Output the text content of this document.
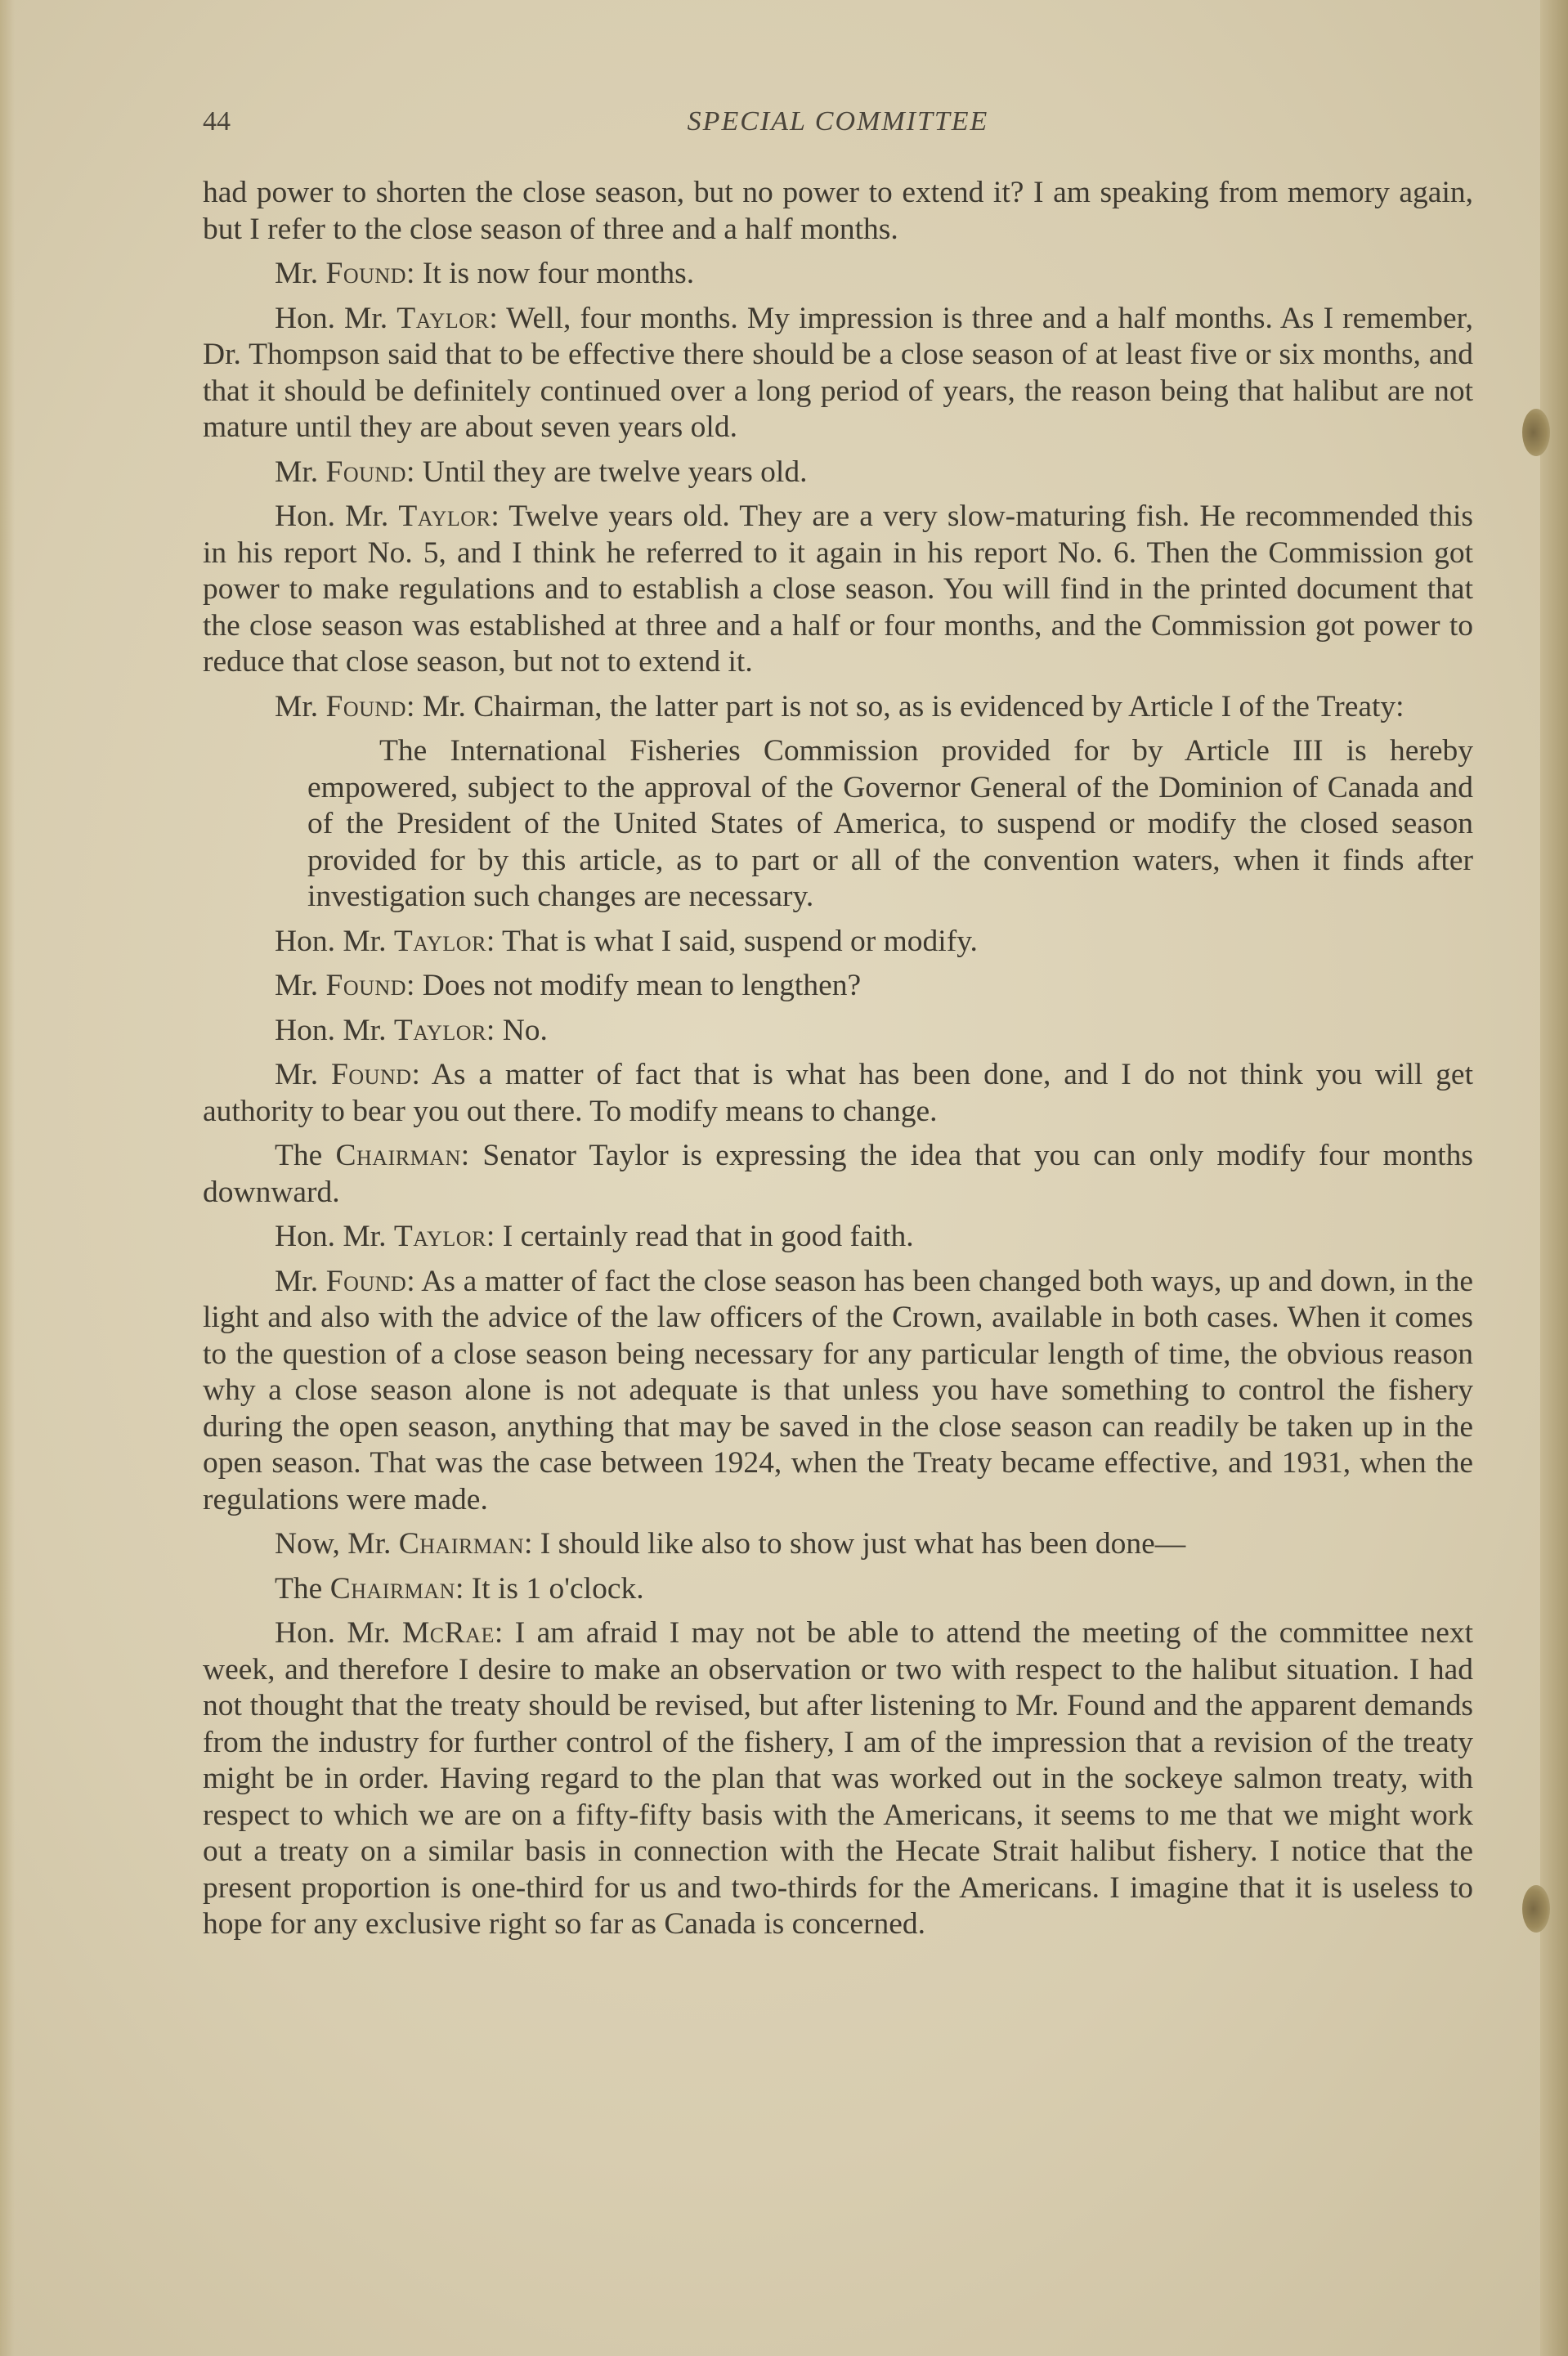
44	SPECIAL COMMITTEE

had power to shorten the close season, but no power to extend it? I am speaking from memory again, but I refer to the close season of three and a half months.

Mr. Found: It is now four months.

Hon. Mr. Taylor: Well, four months. My impression is three and a half months. As I remember, Dr. Thompson said that to be effective there should be a close season of at least five or six months, and that it should be definitely continued over a long period of years, the reason being that halibut are not mature until they are about seven years old.

Mr. Found: Until they are twelve years old.

Hon. Mr. Taylor: Twelve years old. They are a very slow-maturing fish. He recommended this in his report No. 5, and I think he referred to it again in his report No. 6. Then the Commission got power to make regulations and to establish a close season. You will find in the printed document that the close season was established at three and a half or four months, and the Commission got power to reduce that close season, but not to extend it.

Mr. Found: Mr. Chairman, the latter part is not so, as is evidenced by Article I of the Treaty:

The International Fisheries Commission provided for by Article III is hereby empowered, subject to the approval of the Governor General of the Dominion of Canada and of the President of the United States of America, to suspend or modify the closed season provided for by this article, as to part or all of the convention waters, when it finds after investigation such changes are necessary.

Hon. Mr. Taylor: That is what I said, suspend or modify.

Mr. Found: Does not modify mean to lengthen?

Hon. Mr. Taylor: No.

Mr. Found: As a matter of fact that is what has been done, and I do not think you will get authority to bear you out there. To modify means to change.

The Chairman: Senator Taylor is expressing the idea that you can only modify four months downward.

Hon. Mr. Taylor: I certainly read that in good faith.

Mr. Found: As a matter of fact the close season has been changed both ways, up and down, in the light and also with the advice of the law officers of the Crown, available in both cases. When it comes to the question of a close season being necessary for any particular length of time, the obvious reason why a close season alone is not adequate is that unless you have something to control the fishery during the open season, anything that may be saved in the close season can readily be taken up in the open season. That was the case between 1924, when the Treaty became effective, and 1931, when the regulations were made.

Now, Mr. Chairman: I should like also to show just what has been done—

The Chairman: It is 1 o'clock.

Hon. Mr. McRae: I am afraid I may not be able to attend the meeting of the committee next week, and therefore I desire to make an observation or two with respect to the halibut situation. I had not thought that the treaty should be revised, but after listening to Mr. Found and the apparent demands from the industry for further control of the fishery, I am of the impression that a revision of the treaty might be in order. Having regard to the plan that was worked out in the sockeye salmon treaty, with respect to which we are on a fifty-fifty basis with the Americans, it seems to me that we might work out a treaty on a similar basis in connection with the Hecate Strait halibut fishery. I notice that the present proportion is one-third for us and two-thirds for the Americans. I imagine that it is useless to hope for any exclusive right so far as Canada is concerned.
